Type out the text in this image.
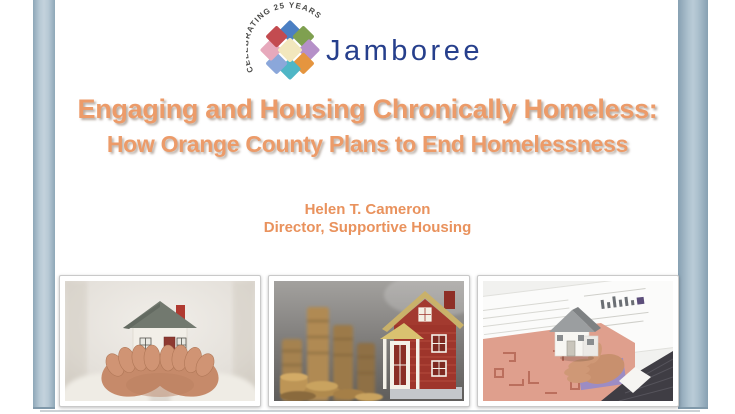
ATING 25 YEARS
Jamboree
Engaging and Housing Chronically Homeless:
How Orange County Plans to End Homelessness
Helen T. Cameron
Director, Supportive Housing
